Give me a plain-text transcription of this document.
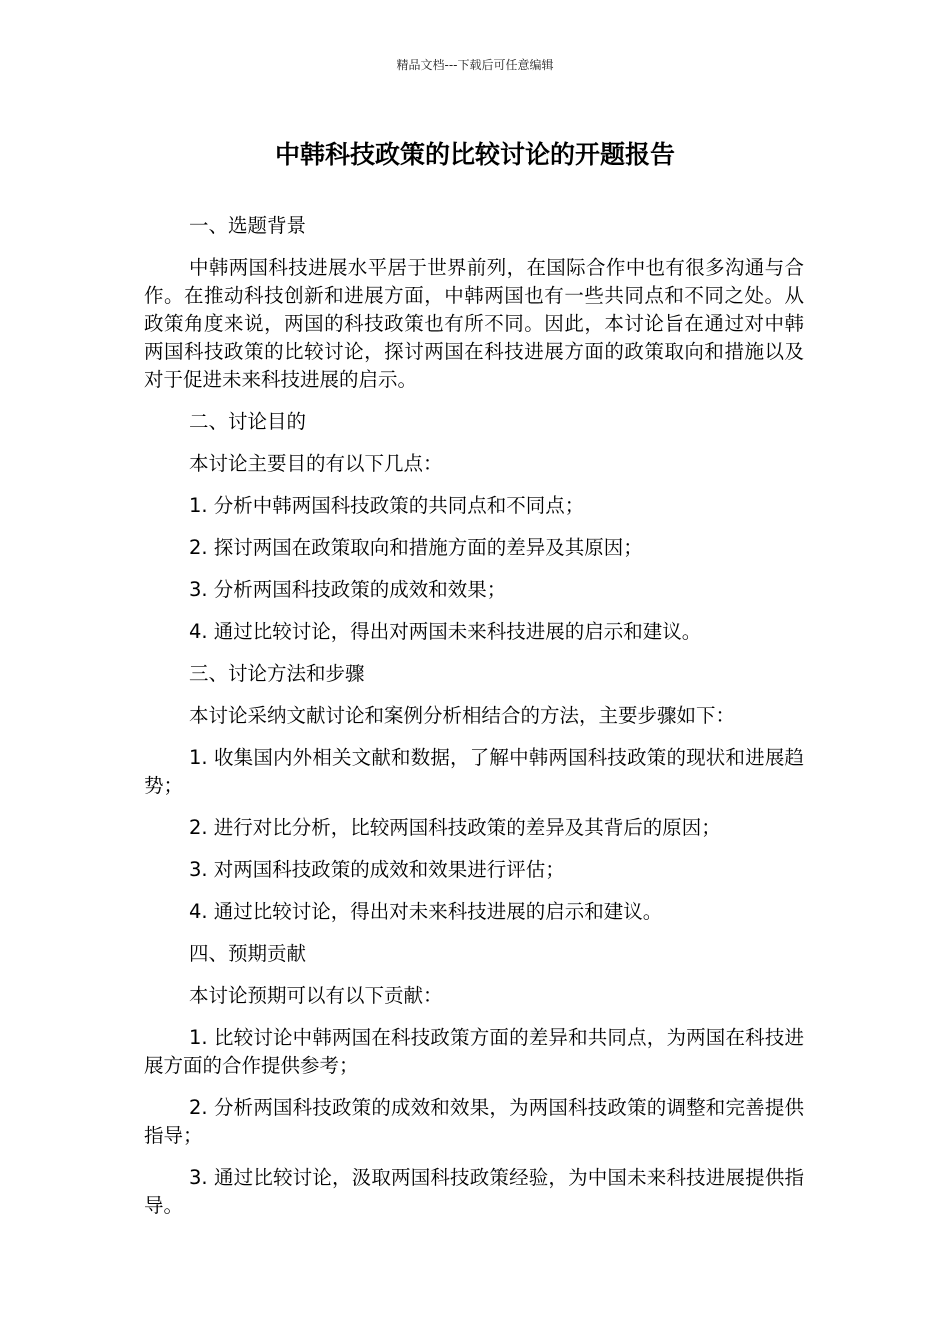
精品文档---下载后可任意编辑
中韩科技政策的比较讨论的开题报告

一、选题背景

中韩两国科技进展水平居于世界前列，在国际合作中也有很多沟通与合作。在推动科技创新和进展方面，中韩两国也有一些共同点和不同之处。从政策角度来说，两国的科技政策也有所不同。因此，本讨论旨在通过对中韩两国科技政策的比较讨论，探讨两国在科技进展方面的政策取向和措施以及对于促进未来科技进展的启示。

二、讨论目的

本讨论主要目的有以下几点：

1. 分析中韩两国科技政策的共同点和不同点；

2. 探讨两国在政策取向和措施方面的差异及其原因；

3. 分析两国科技政策的成效和效果；

4. 通过比较讨论，得出对两国未来科技进展的启示和建议。

三、讨论方法和步骤

本讨论采纳文献讨论和案例分析相结合的方法，主要步骤如下：

1. 收集国内外相关文献和数据，了解中韩两国科技政策的现状和进展趋势；

2. 进行对比分析，比较两国科技政策的差异及其背后的原因；

3. 对两国科技政策的成效和效果进行评估；

4. 通过比较讨论，得出对未来科技进展的启示和建议。

四、预期贡献

本讨论预期可以有以下贡献：

1. 比较讨论中韩两国在科技政策方面的差异和共同点，为两国在科技进展方面的合作提供参考；

2. 分析两国科技政策的成效和效果，为两国科技政策的调整和完善提供指导；

3. 通过比较讨论，汲取两国科技政策经验，为中国未来科技进展提供指导。
